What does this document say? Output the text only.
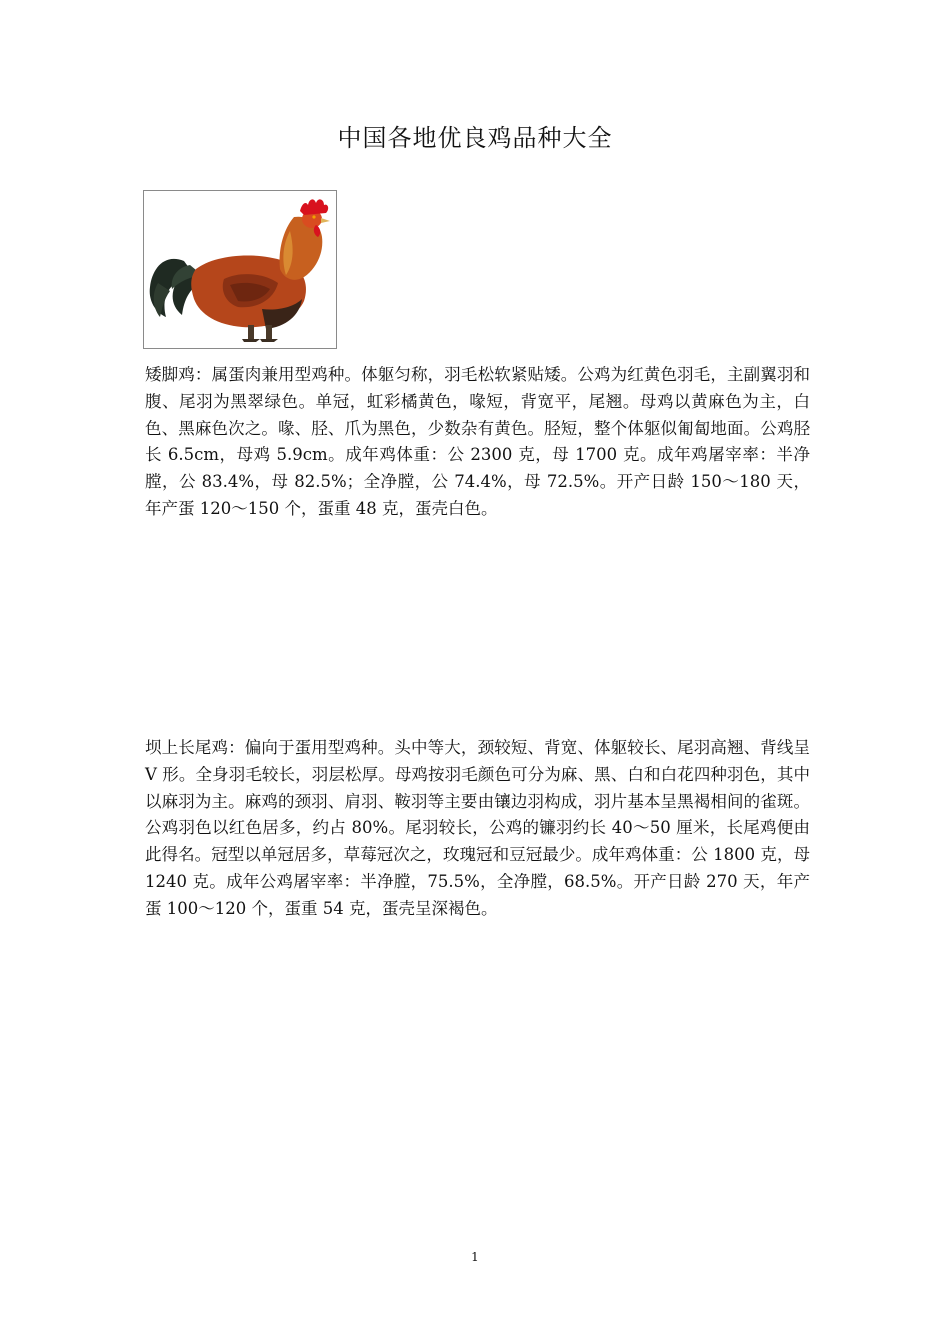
中国各地优良鸡品种大全

矮脚鸡：属蛋肉兼用型鸡种。体躯匀称，羽毛松软紧贴矮。公鸡为红黄色羽毛，主副翼羽和腹、尾羽为黑翠绿色。单冠，虹彩橘黄色，喙短，背宽平，尾翘。母鸡以黄麻色为主，白色、黑麻色次之。喙、胫、爪为黑色，少数杂有黄色。胫短，整个体躯似匍匐地面。公鸡胫长 6.5cm，母鸡 5.9cm。成年鸡体重：公 2300 克，母 1700 克。成年鸡屠宰率：半净膛，公 83.4%，母 82.5%；全净膛，公 74.4%，母 72.5%。开产日龄 150～180 天，年产蛋 120～150 个，蛋重 48 克，蛋壳白色。

坝上长尾鸡：偏向于蛋用型鸡种。头中等大，颈较短、背宽、体躯较长、尾羽高翘、背线呈 V 形。全身羽毛较长，羽层松厚。母鸡按羽毛颜色可分为麻、黑、白和白花四种羽色，其中以麻羽为主。麻鸡的颈羽、肩羽、鞍羽等主要由镶边羽构成，羽片基本呈黑褐相间的雀斑。公鸡羽色以红色居多，约占 80%。尾羽较长，公鸡的镰羽约长 40～50 厘米，长尾鸡便由此得名。冠型以单冠居多，草莓冠次之，玫瑰冠和豆冠最少。成年鸡体重：公 1800 克，母 1240 克。成年公鸡屠宰率：半净膛，75.5%，全净膛，68.5%。开产日龄 270 天，年产蛋 100～120 个，蛋重 54 克，蛋壳呈深褐色。

1
